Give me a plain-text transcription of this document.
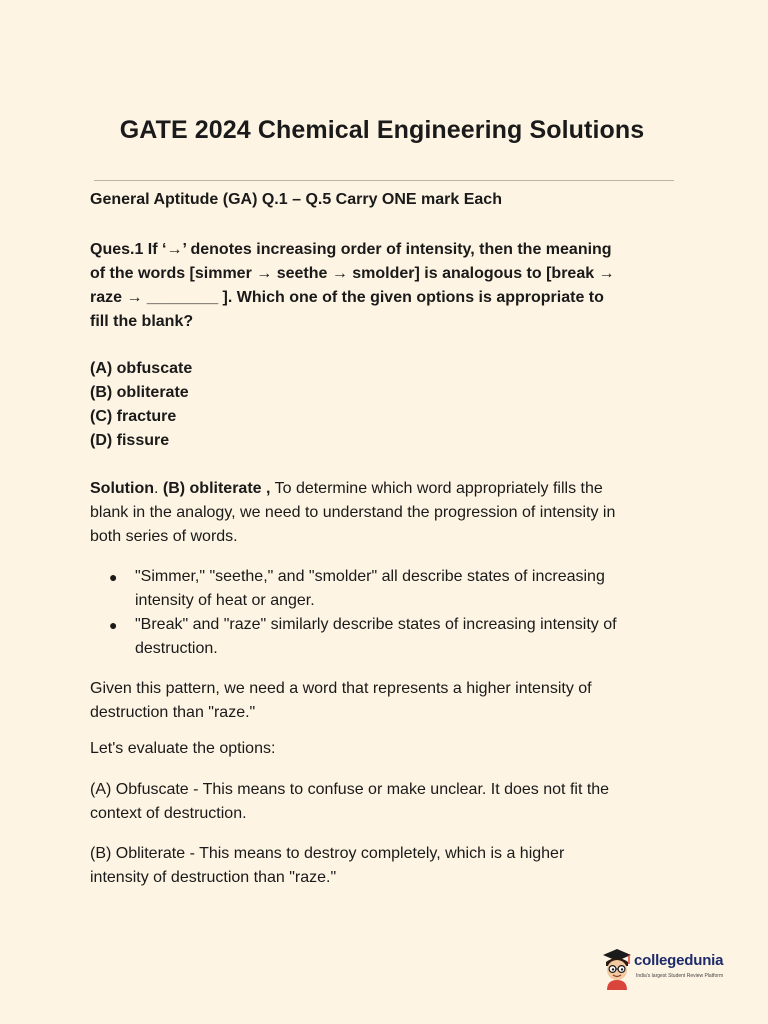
GATE 2024 Chemical Engineering Solutions

General Aptitude (GA) Q.1 – Q.5 Carry ONE mark Each

Ques.1 If ‘→’ denotes increasing order of intensity, then the meaning
of the words [simmer → seethe → smolder] is analogous to [break →
raze → ________ ]. Which one of the given options is appropriate to
fill the blank?

(A) obfuscate
(B) obliterate
(C) fracture
(D) fissure

Solution. (B) obliterate , To determine which word appropriately fills the
blank in the analogy, we need to understand the progression of intensity in
both series of words.

● "Simmer," "seethe," and "smolder" all describe states of increasing
intensity of heat or anger.
● "Break" and "raze" similarly describe states of increasing intensity of
destruction.

Given this pattern, we need a word that represents a higher intensity of
destruction than "raze."

Let's evaluate the options:

(A) Obfuscate - This means to confuse or make unclear. It does not fit the
context of destruction.

(B) Obliterate - This means to destroy completely, which is a higher
intensity of destruction than "raze."

collegedunia
India's largest Student Review Platform
